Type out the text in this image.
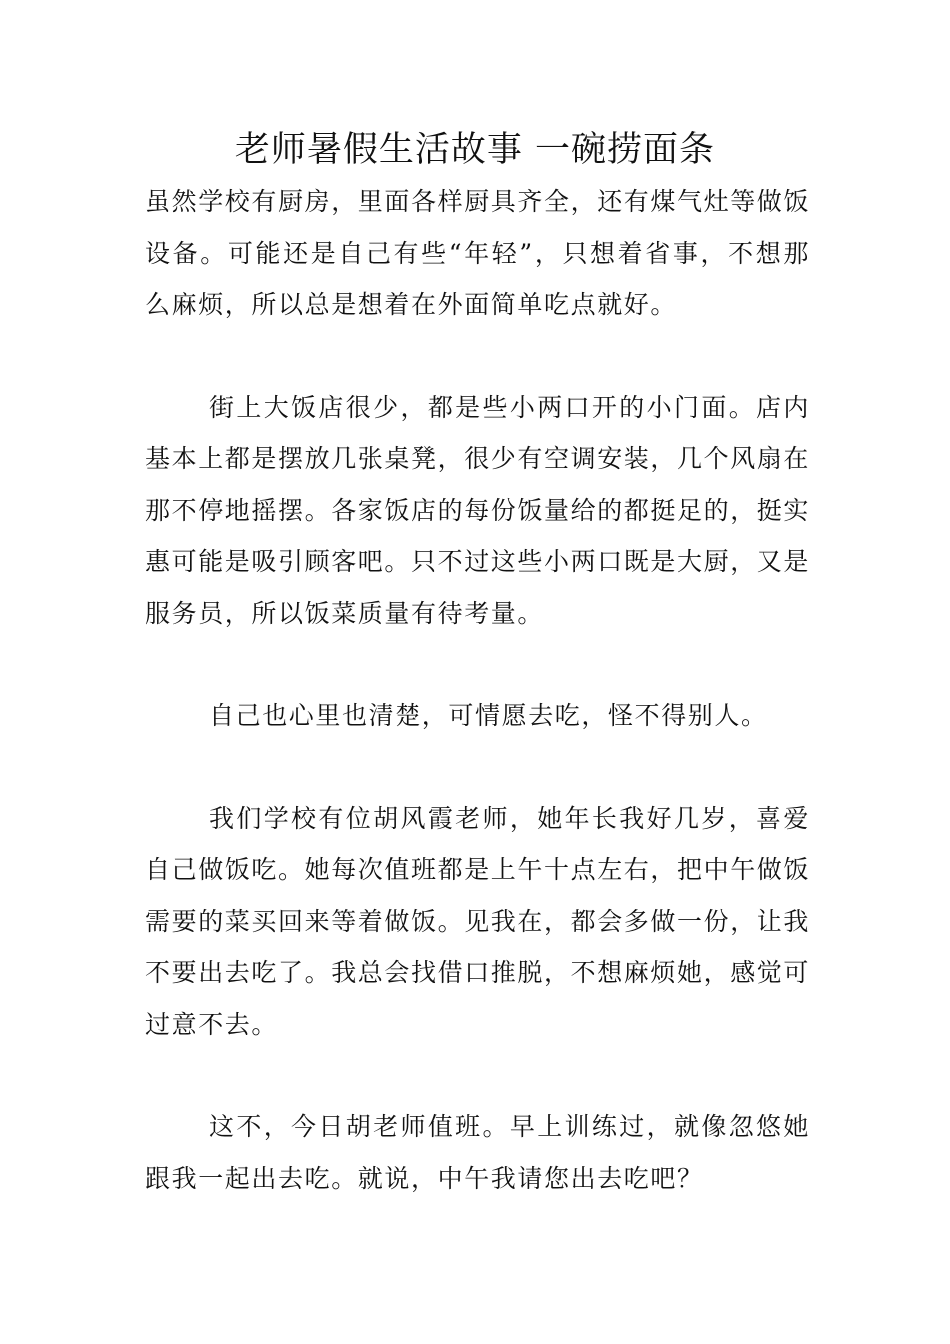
老师暑假生活故事 一碗捞面条

虽然学校有厨房，里面各样厨具齐全，还有煤气灶等做饭设备。可能还是自己有些“年轻”，只想着省事，不想那么麻烦，所以总是想着在外面简单吃点就好。

街上大饭店很少，都是些小两口开的小门面。店内基本上都是摆放几张桌凳，很少有空调安装，几个风扇在那不停地摇摆。各家饭店的每份饭量给的都挺足的，挺实惠可能是吸引顾客吧。只不过这些小两口既是大厨，又是服务员，所以饭菜质量有待考量。

自己也心里也清楚，可情愿去吃，怪不得别人。

我们学校有位胡风霞老师，她年长我好几岁，喜爱自己做饭吃。她每次值班都是上午十点左右，把中午做饭需要的菜买回来等着做饭。见我在，都会多做一份，让我不要出去吃了。我总会找借口推脱，不想麻烦她，感觉可过意不去。

这不，今日胡老师值班。早上训练过，就像忽悠她跟我一起出去吃。就说，中午我请您出去吃吧？
